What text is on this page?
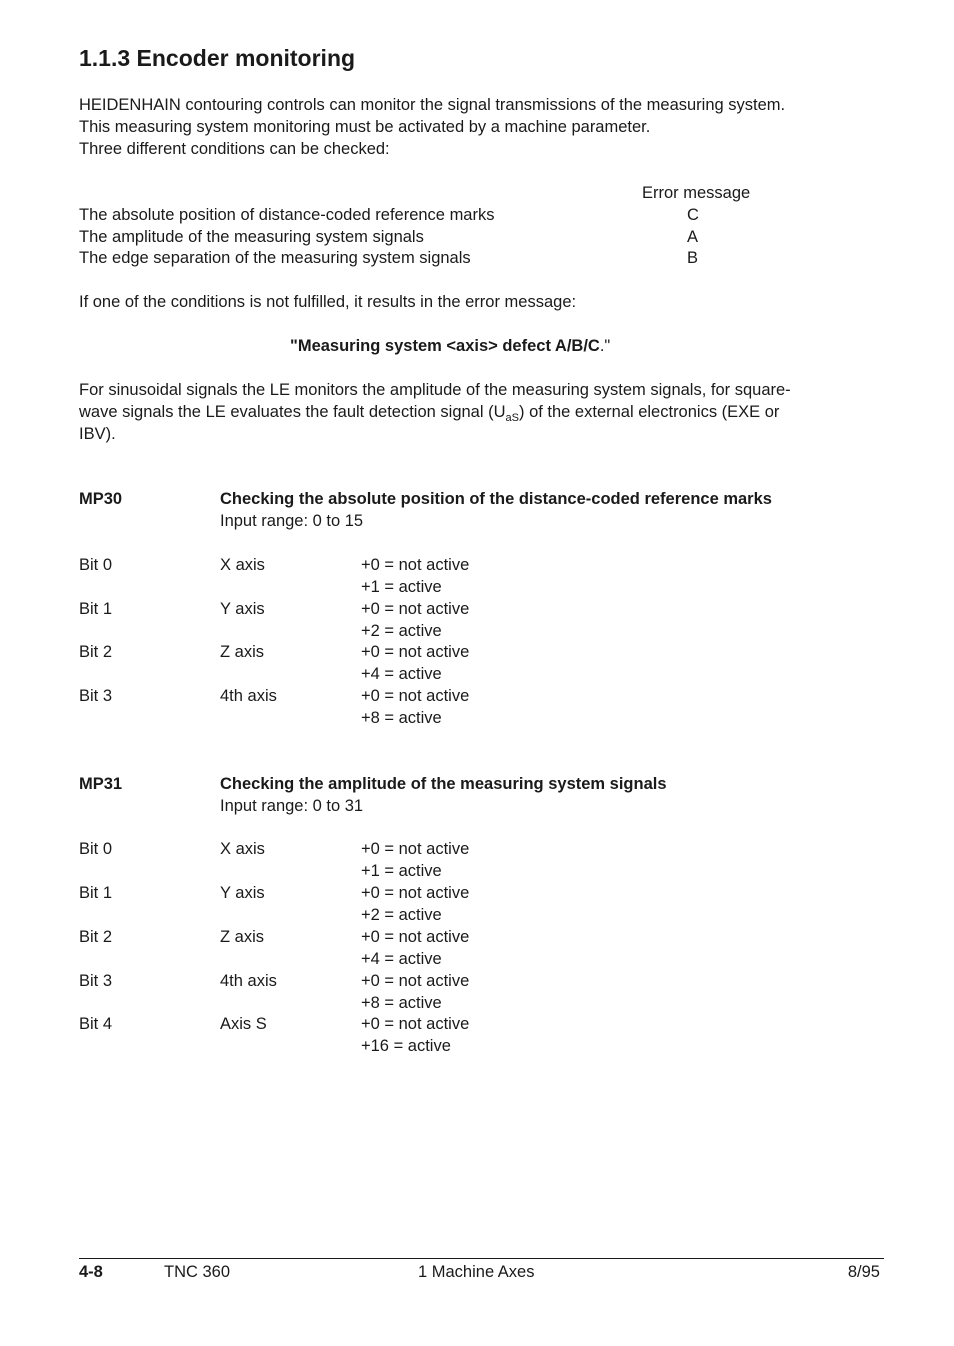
1.1.3 Encoder monitoring
HEIDENHAIN contouring controls can monitor the signal transmissions of the measuring system.
This measuring system monitoring must be activated by a machine parameter.
Three different conditions can be checked:
Error message
The absolute position of distance-coded reference marks	C
The amplitude of the measuring system signals	A
The edge separation of the measuring system signals	B
If one of the conditions is not fulfilled, it results in the error message:
"Measuring system <axis> defect A/B/C."
For sinusoidal signals the LE monitors the amplitude of the measuring system signals, for square-
wave signals the LE evaluates the fault detection signal $(U_{aS})$ of the external electronics (EXE or
IBV).
MP30	Checking the absolute position of the distance-coded reference marks
Input range: 0 to 15
Bit 0	X axis	+0 = not active
+1 = active
Bit 1	Y axis	+0 = not active
+2 = active
Bit 2	Z axis	+0 = not active
+4 = active
Bit 3	4th axis	+0 = not active
+8 = active
MP31	Checking the amplitude of the measuring system signals
Input range: 0 to 31
Bit 0	X axis	+0 = not active
+1 = active
Bit 1	Y axis	+0 = not active
+2 = active
Bit 2	Z axis	+0 = not active
+4 = active
Bit 3	4th axis	+0 = not active
+8 = active
Bit 4	Axis S	+0 = not active
+16 = active
4-8	TNC 360	1 Machine Axes	8/95
